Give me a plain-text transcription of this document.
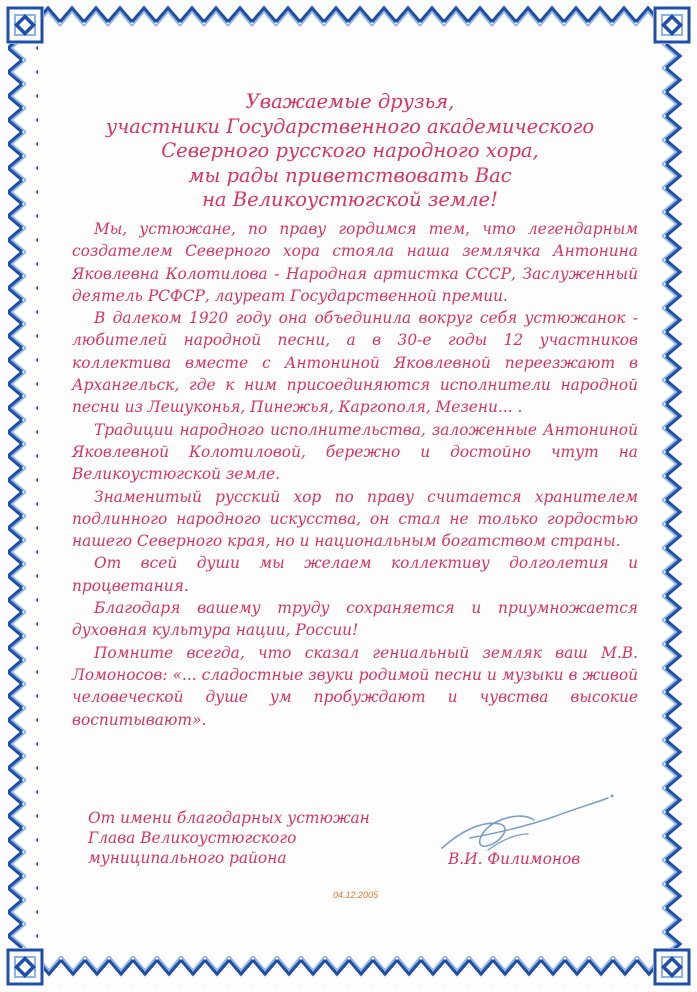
Уважаемые друзья,
участники Государственного академического
Северного русского народного хора,
мы рады приветствовать Вас
на Великоустюгской земле!

Мы, устюжане, по праву гордимся тем, что легендарным создателем Северного хора стояла наша землячка Антонина Яковлевна Колотилова - Народная артистка СССР, Заслуженный деятель РСФСР, лауреат Государственной премии.

В далеком 1920 году она объединила вокруг себя устюжанок - любителей народной песни, а в 30-е годы 12 участников коллектива вместе с Антониной Яковлевной переезжают в Архангельск, где к ним присоединяются исполнители народной песни из Лешуконья, Пинежья, Каргополя, Мезени... .

Традиции народного исполнительства, заложенные Антониной Яковлевной Колотиловой, бережно и достойно чтут на Великоустюгской земле.

Знаменитый русский хор по праву считается хранителем подлинного народного искусства, он стал не только гордостью нашего Северного края, но и национальным богатством страны.

От всей души мы желаем коллективу долголетия и процветания.

Благодаря вашему труду сохраняется и приумножается духовная культура нации, России!

Помните всегда, что сказал гениальный земляк ваш М.В. Ломоносов: «... сладостные звуки родимой песни и музыки в живой человеческой душе ум пробуждают и чувства высокие воспитывают».

От имени благодарных устюжан
Глава Великоустюгского
муниципального района	В.И. Филимонов
04.12.2005
